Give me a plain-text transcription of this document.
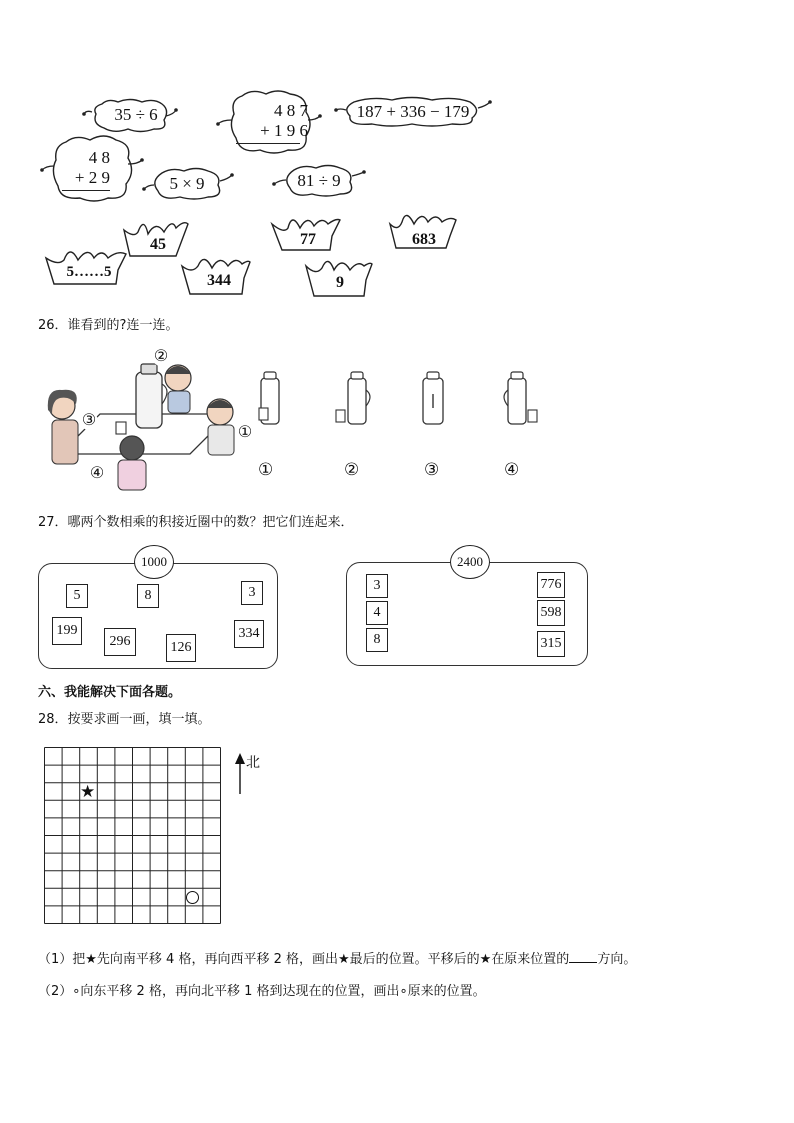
35 ÷ 6	4 8 7
+ 1 9 6
187 + 336 − 179
4 8
+ 2 9	5 × 9	81 ÷ 9
45	77	683
5……5	344	9
26．谁看到的?连一连。
②
③
①
④	①	②	③	④
27．哪两个数相乘的积接近圈中的数？把它们连起来．
1000
5	8	3
199
296	126
334
2400
3
4
8
776
598
315
六、我能解决下面各题。
28．按要求画一画，填一填。
★
北
（1）把★先向南平移 4 格，再向西平移 2 格，画出★最后的位置。平移后的★在原来位置的 方向。
（2）∘向东平移 2 格，再向北平移 1 格到达现在的位置，画出∘原来的位置。
